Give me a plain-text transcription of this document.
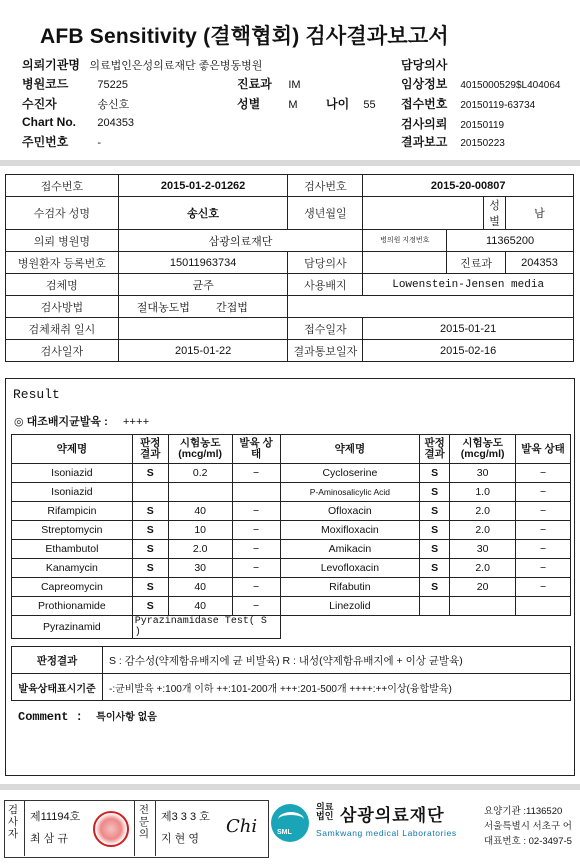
AFB Sensitivity (결핵협회) 검사결과보고서
의뢰기관명 의료법인은성의료재단 좋은병동병원
병원코드	75225
수진자	송신호
Chart No. 204353
주민번호	-
진료과 IM
성별	M 나이 55
담당의사
임상정보 4015000529$L404064
접수번호 20150119-63734
검사의뢰 20150119
결과보고 20150223
접수번호	2015-01-2-01262	검사번호	2015-20-00807			
수검자 성명	송신호	생년월일			성별	남
의뢰 병원명	삼광의료재단		병의원 지정번호	11365200		
병원환자 등록번호	15011963734	담당의사		진료과		204353
검체명	균주	사용배지	Lowenstein-Jensen media			
검사방법	절대농도법 간접법					
검체채취 일시		접수일자	2015-01-21			
검사일자	2015-01-22	결과통보일자	2015-02-16			
Result
◎ 대조배지균발육 : ++++
약제명	판정 결과	시험농도 (mcg/ml)	발육 상태	약제명	판정 결과	시험농도 (mcg/ml)	발육 상태
Isoniazid	S	0.2	−	Cycloserine	S	30	−
Isoniazid				P-Aminosalicylic Acid	S	1.0	−
Rifampicin	S	40	−	Ofloxacin	S	2.0	−
Streptomycin	S	10	−	Moxifloxacin	S	2.0	−
Ethambutol	S	2.0	−	Amikacin	S	30	−
Kanamycin	S	30	−	Levofloxacin	S	2.0	−
Capreomycin	S	40	−	Rifabutin	S	20	−
Prothionamide	S	40	−	Linezolid			
Pyrazinamid	Pyrazinamidase Test( S )						
판정결과	S : 감수성(약제함유배지에 균 비발육) R : 내성(약제함유배지에 + 이상 균발육)
발육상태표시기준	-:균비발육 +:100개 이하 ++:101-200개 +++:201-500개 ++++:++이상(융합발육)
Comment : 특이사항 없음
검사자
제11194호
최 삼 규
전문의
제3 3 3 호
지 현 영
Chi	SML
의료
법인 삼광의료재단
Samkwang medical Laboratories
요양기관 :1136520
서울특별시 서초구 어
대표번호 : 02-3497-5
